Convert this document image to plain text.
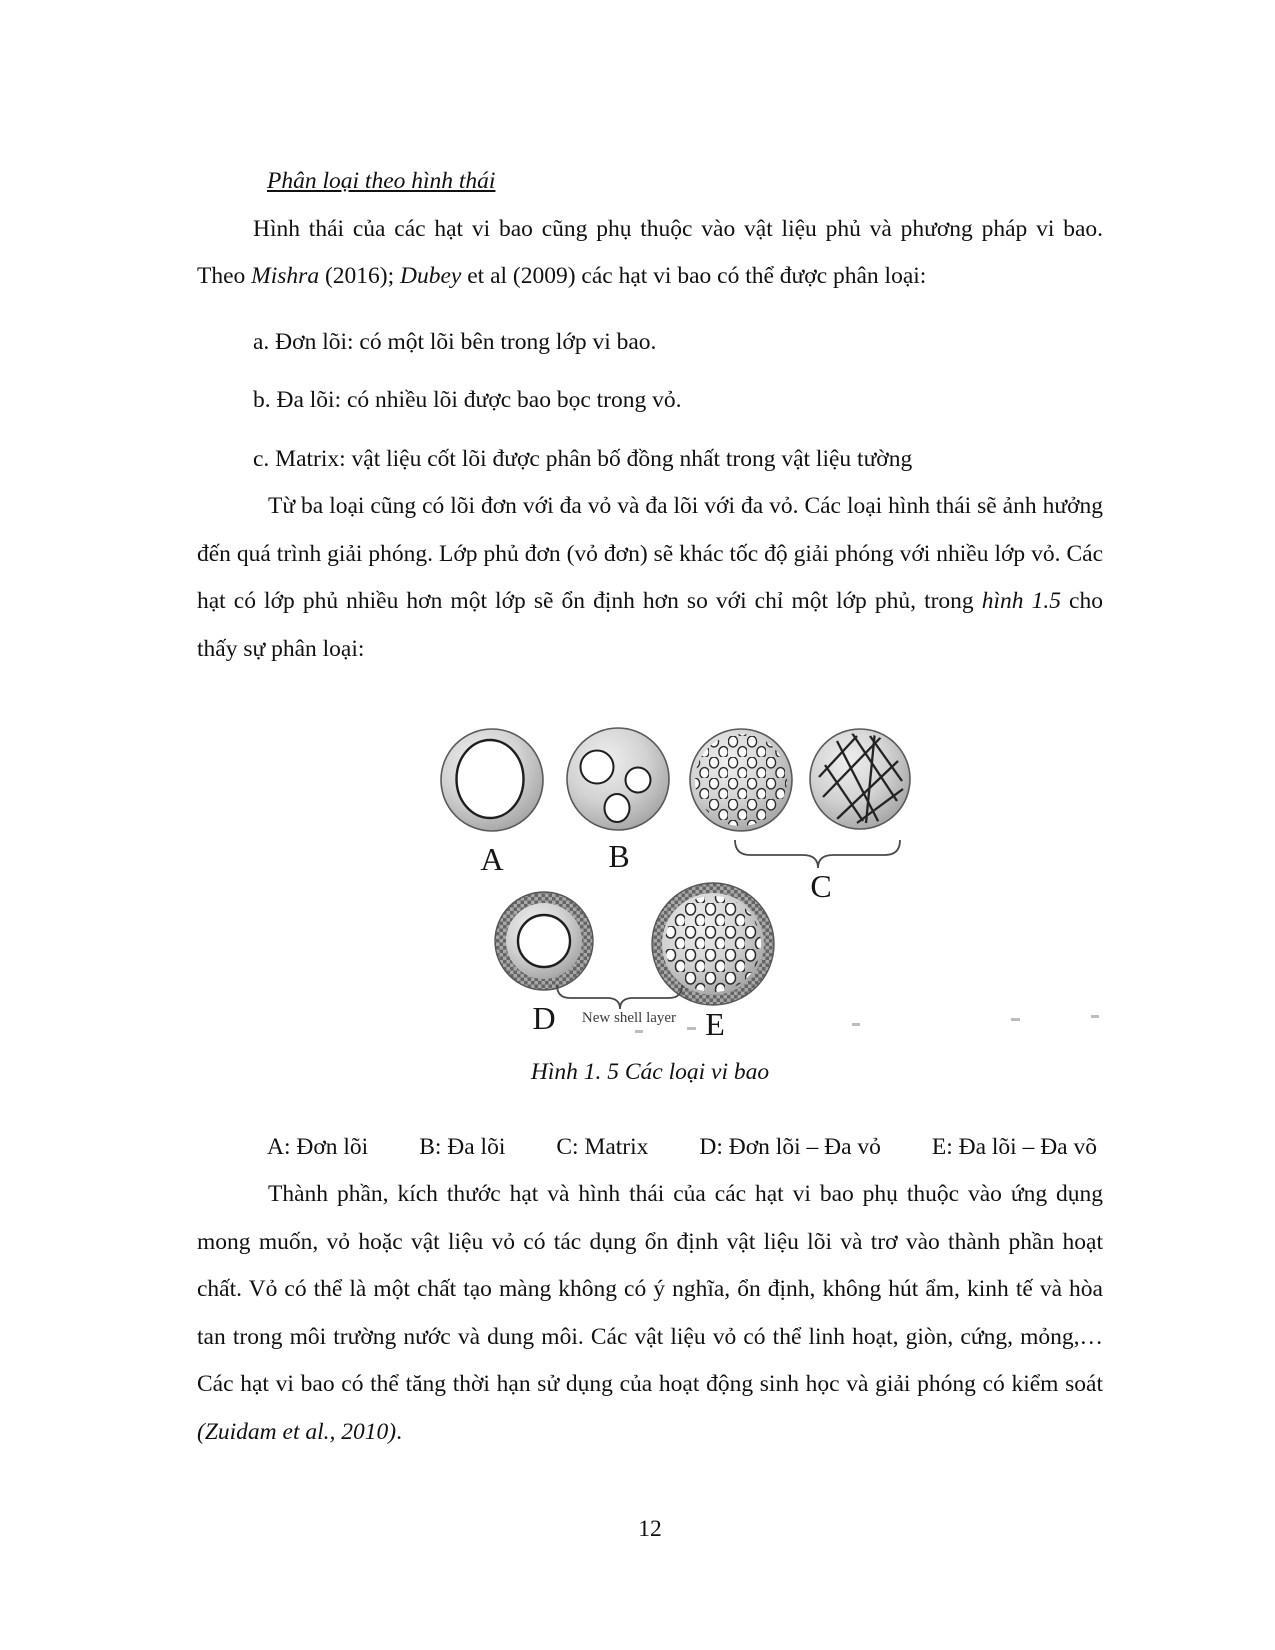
Phân loại theo hình thái

Hình thái của các hạt vi bao cũng phụ thuộc vào vật liệu phủ và phương pháp vi bao. Theo Mishra (2016); Dubey et al (2009) các hạt vi bao có thể được phân loại:

a. Đơn lõi: có một lõi bên trong lớp vi bao.
b. Đa lõi: có nhiều lõi được bao bọc trong vỏ.
c. Matrix: vật liệu cốt lõi được phân bố đồng nhất trong vật liệu tường

Từ ba loại cũng có lõi đơn với đa vỏ và đa lõi với đa vỏ. Các loại hình thái sẽ ảnh hưởng đến quá trình giải phóng. Lớp phủ đơn (vỏ đơn) sẽ khác tốc độ giải phóng với nhiều lớp vỏ. Các hạt có lớp phủ nhiều hơn một lớp sẽ ổn định hơn so với chỉ một lớp phủ, trong hình 1.5 cho thấy sự phân loại:

A	B
C
D New shell layer E
Hình 1. 5 Các loại vi bao
A: Đơn lõi B: Đa lõi C: Matrix D: Đơn lõi – Đa vỏ E: Đa lõi – Đa võ

Thành phần, kích thước hạt và hình thái của các hạt vi bao phụ thuộc vào ứng dụng mong muốn, vỏ hoặc vật liệu vỏ có tác dụng ổn định vật liệu lõi và trơ vào thành phần hoạt chất. Vỏ có thể là một chất tạo màng không có ý nghĩa, ổn định, không hút ẩm, kinh tế và hòa tan trong môi trường nước và dung môi. Các vật liệu vỏ có thể linh hoạt, giòn, cứng, mỏng,…Các hạt vi bao có thể tăng thời hạn sử dụng của hoạt động sinh học và giải phóng có kiểm soát (Zuidam et al., 2010).

12
